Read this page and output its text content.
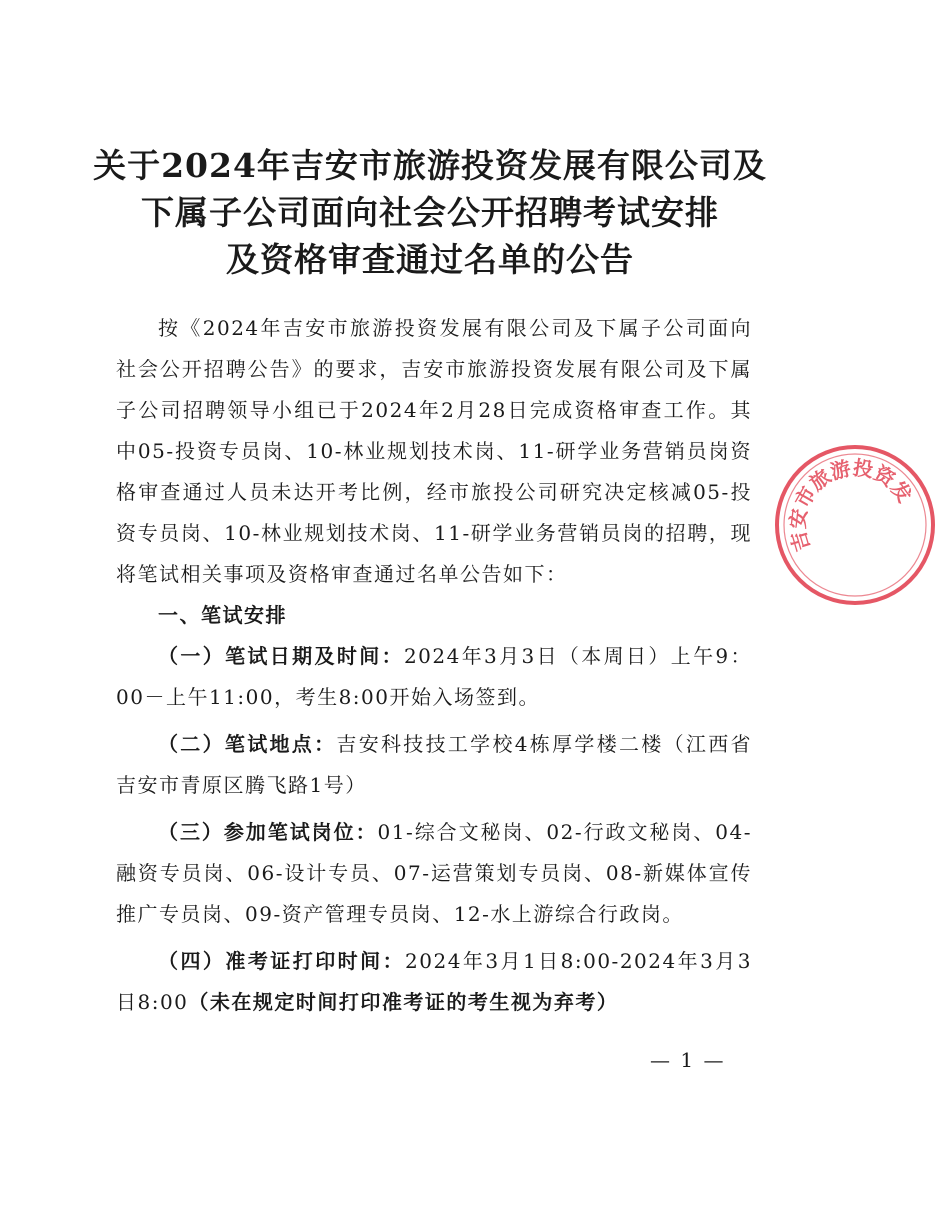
关于2024年吉安市旅游投资发展有限公司及
下属子公司面向社会公开招聘考试安排
及资格审查通过名单的公告

按《2024年吉安市旅游投资发展有限公司及下属子公司面向社会公开招聘公告》的要求，吉安市旅游投资发展有限公司及下属子公司招聘领导小组已于2024年2月28日完成资格审查工作。其中05-投资专员岗、10-林业规划技术岗、11-研学业务营销员岗资格审查通过人员未达开考比例，经市旅投公司研究决定核减05-投资专员岗、10-林业规划技术岗、11-研学业务营销员岗的招聘，现将笔试相关事项及资格审查通过名单公告如下：

一、笔试安排

（一）笔试日期及时间：2024年3月3日（本周日）上午9：00－上午11:00，考生8:00开始入场签到。

（二）笔试地点：吉安科技技工学校4栋厚学楼二楼（江西省吉安市青原区腾飞路1号）

（三）参加笔试岗位：01-综合文秘岗、02-行政文秘岗、04-融资专员岗、06-设计专员、07-运营策划专员岗、08-新媒体宣传推广专员岗、09-资产管理专员岗、12-水上游综合行政岗。

（四）准考证打印时间：2024年3月1日8:00-2024年3月3日8:00（未在规定时间打印准考证的考生视为弃考）

— 1 —
吉安市旅游投资发展
